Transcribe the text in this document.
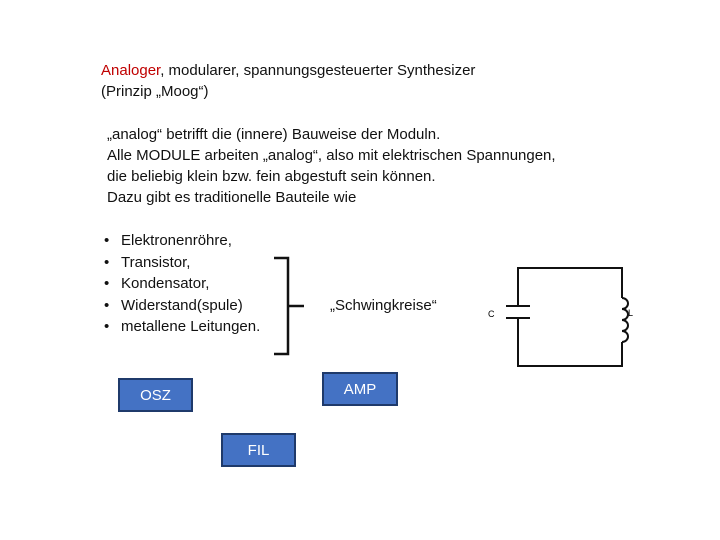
Analoger, modularer, spannungsgesteuerter Synthesizer
(Prinzip „Moog“)
„analog“ betrifft die (innere) Bauweise der Moduln.
Alle MODULE arbeiten „analog“, also mit elektrischen Spannungen,
die beliebig klein bzw. fein abgestuft sein können.
Dazu gibt es traditionelle Bauteile wie
• Elektronenröhre,
• Transistor,
• Kondensator,
• Widerstand(spule)
• metallene Leitungen.
„Schwingkreise“	C	L
OSZ	AMP
FIL
